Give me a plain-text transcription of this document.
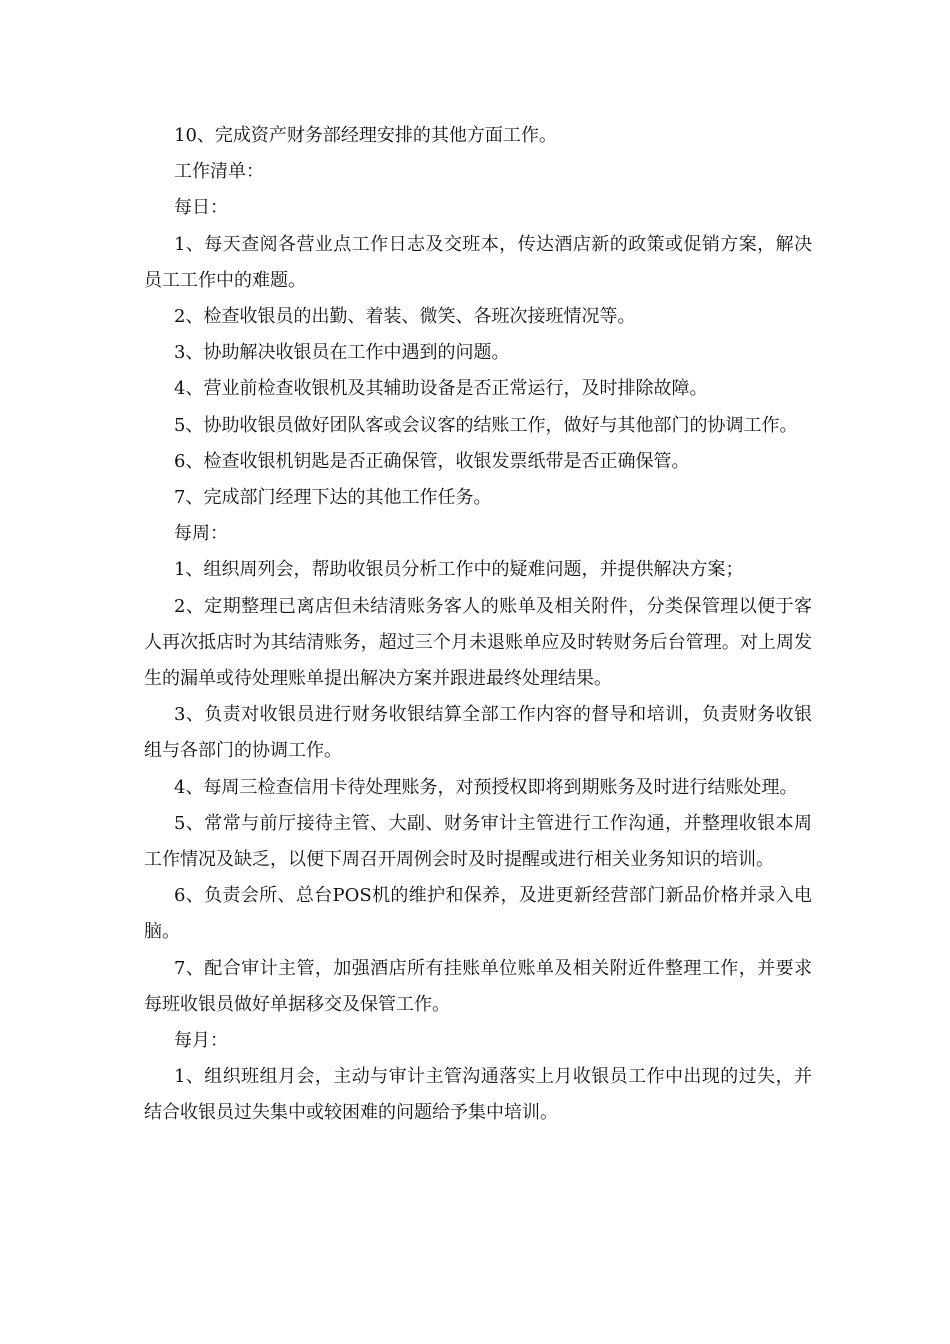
10、完成资产财务部经理安排的其他方面工作。

工作清单：

每日：

1、每天查阅各营业点工作日志及交班本，传达酒店新的政策或促销方案，解决员工工作中的难题。

2、检查收银员的出勤、着装、微笑、各班次接班情况等。

3、协助解决收银员在工作中遇到的问题。

4、营业前检查收银机及其辅助设备是否正常运行，及时排除故障。

5、协助收银员做好团队客或会议客的结账工作，做好与其他部门的协调工作。

6、检查收银机钥匙是否正确保管，收银发票纸带是否正确保管。

7、完成部门经理下达的其他工作任务。

每周：

1、组织周列会，帮助收银员分析工作中的疑难问题，并提供解决方案；

2、定期整理已离店但未结清账务客人的账单及相关附件，分类保管理以便于客人再次抵店时为其结清账务，超过三个月未退账单应及时转财务后台管理。对上周发生的漏单或待处理账单提出解决方案并跟进最终处理结果。

3、负责对收银员进行财务收银结算全部工作内容的督导和培训，负责财务收银组与各部门的协调工作。

4、每周三检查信用卡待处理账务，对预授权即将到期账务及时进行结账处理。

5、常常与前厅接待主管、大副、财务审计主管进行工作沟通，并整理收银本周工作情况及缺乏，以便下周召开周例会时及时提醒或进行相关业务知识的培训。

6、负责会所、总台POS机的维护和保养，及进更新经营部门新品价格并录入电脑。

7、配合审计主管，加强酒店所有挂账单位账单及相关附近件整理工作，并要求每班收银员做好单据移交及保管工作。

每月：

1、组织班组月会，主动与审计主管沟通落实上月收银员工作中出现的过失，并结合收银员过失集中或较困难的问题给予集中培训。
